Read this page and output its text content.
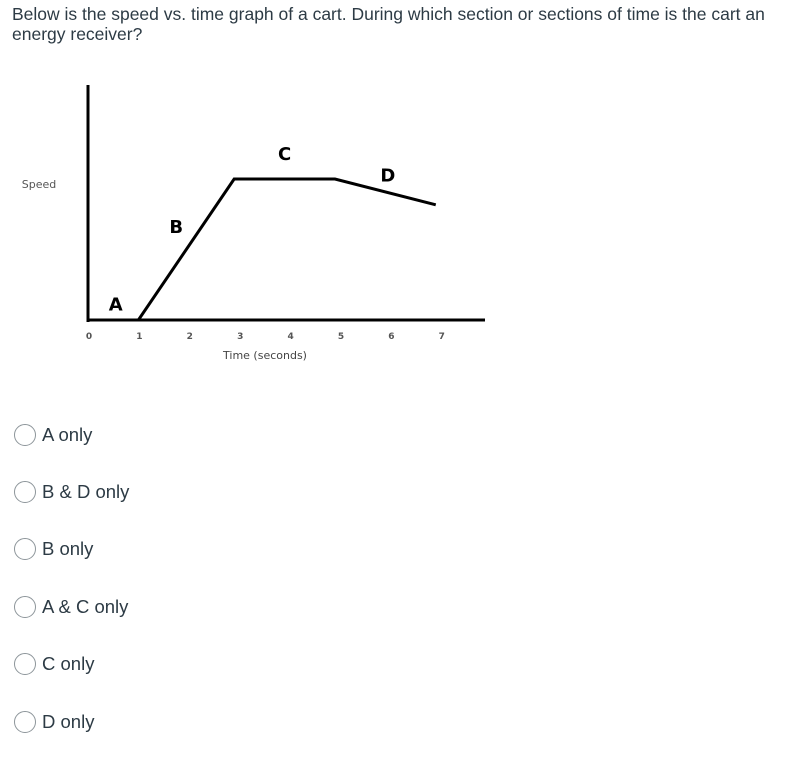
Below is the speed vs. time graph of a cart. During which section or sections of time is the cart an energy receiver?
0	1	2	3	4	5	6	7
Time (seconds)
Speed
A
B
C
D
A only
B & D only
B only
A & C only
C only
D only
